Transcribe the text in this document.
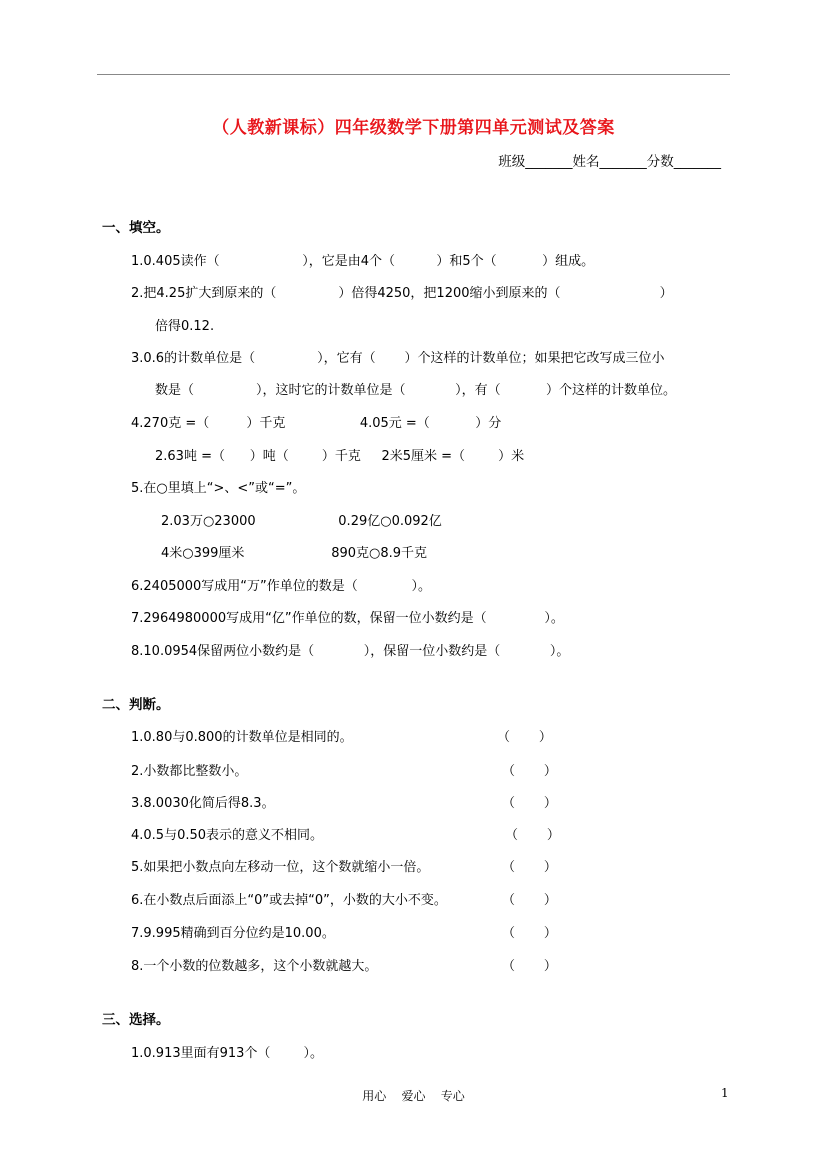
（人教新课标）四年级数学下册第四单元测试及答案
班级_______姓名_______分数_______
一、填空。
1.0.405读作（                    ），它是由4个（          ）和5个（           ）组成。
2.把4.25扩大到原来的（               ）倍得4250，把1200缩小到原来的（                        ）
倍得0.12.
3.0.6的计数单位是（               ），它有（       ）个这样的计数单位；如果把它改写成三位小
数是（               ），这时它的计数单位是（            ），有（           ）个这样的计数单位。
4.270克 =（         ）千克                  4.05元 =（           ）分
2.63吨 =（      ）吨（        ）千克     2米5厘米 =（        ）米
5.在○里填上“>、<”或“=”。
2.03万○23000                    0.29亿○0.092亿
4米○399厘米                     890克○8.9千克
6.2405000写成用“万”作单位的数是（             ）。
7.2964980000写成用“亿”作单位的数，保留一位小数约是（              ）。
8.10.0954保留两位小数约是（            ），保留一位小数约是（            ）。
二、判断。
1.0.80与0.800的计数单位是相同的。	（       ）
2.小数都比整数小。	（       ）
3.8.0030化简后得8.3。	（       ）
4.0.5与0.50表示的意义不相同。	（       ）
5.如果把小数点向左移动一位，这个数就缩小一倍。	（       ）
6.在小数点后面添上“0”或去掉“0”，小数的大小不变。	（       ）
7.9.995精确到百分位约是10.00。	（       ）
8.一个小数的位数越多，这个小数就越大。	（       ）
三、选择。
1.0.913里面有913个（        ）。
用心    爱心    专心	1
